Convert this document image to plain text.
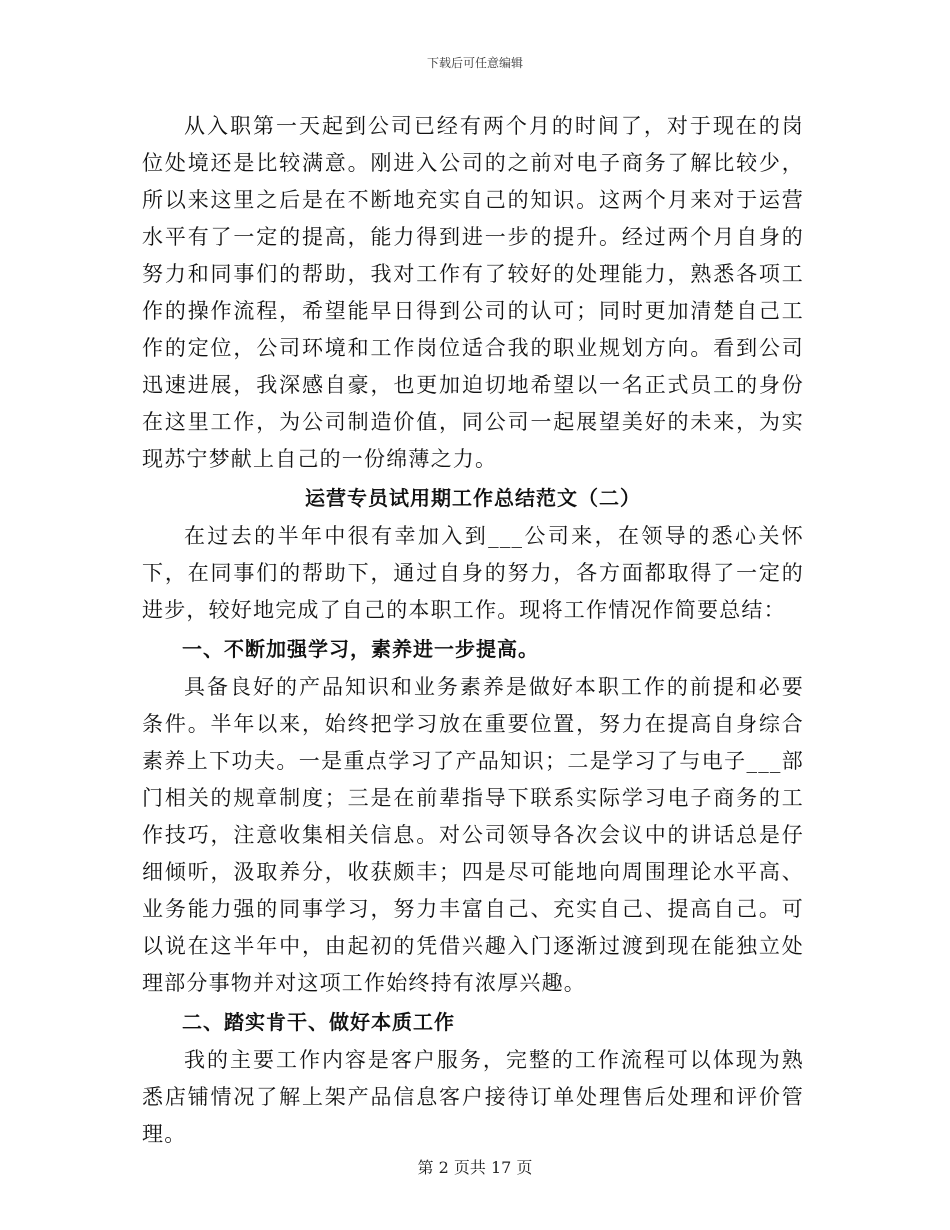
下载后可任意编辑

从入职第一天起到公司已经有两个月的时间了，对于现在的岗位处境还是比较满意。刚进入公司的之前对电子商务了解比较少，所以来这里之后是在不断地充实自己的知识。这两个月来对于运营水平有了一定的提高，能力得到进一步的提升。经过两个月自身的努力和同事们的帮助，我对工作有了较好的处理能力，熟悉各项工作的操作流程，希望能早日得到公司的认可；同时更加清楚自己工作的定位，公司环境和工作岗位适合我的职业规划方向。看到公司迅速进展，我深感自豪，也更加迫切地希望以一名正式员工的身份在这里工作，为公司制造价值，同公司一起展望美好的未来，为实现苏宁梦献上自己的一份绵薄之力。

运营专员试用期工作总结范文（二）

在过去的半年中很有幸加入到___公司来，在领导的悉心关怀下，在同事们的帮助下，通过自身的努力，各方面都取得了一定的进步，较好地完成了自己的本职工作。现将工作情况作简要总结：

一、不断加强学习，素养进一步提高。

具备良好的产品知识和业务素养是做好本职工作的前提和必要条件。半年以来，始终把学习放在重要位置，努力在提高自身综合素养上下功夫。一是重点学习了产品知识；二是学习了与电子___部门相关的规章制度；三是在前辈指导下联系实际学习电子商务的工作技巧，注意收集相关信息。对公司领导各次会议中的讲话总是仔细倾听，汲取养分，收获颇丰；四是尽可能地向周围理论水平高、业务能力强的同事学习，努力丰富自己、充实自己、提高自己。可以说在这半年中，由起初的凭借兴趣入门逐渐过渡到现在能独立处理部分事物并对这项工作始终持有浓厚兴趣。

二、踏实肯干、做好本质工作

我的主要工作内容是客户服务，完整的工作流程可以体现为熟悉店铺情况了解上架产品信息客户接待订单处理售后处理和评价管理。

第 2 页共 17 页
